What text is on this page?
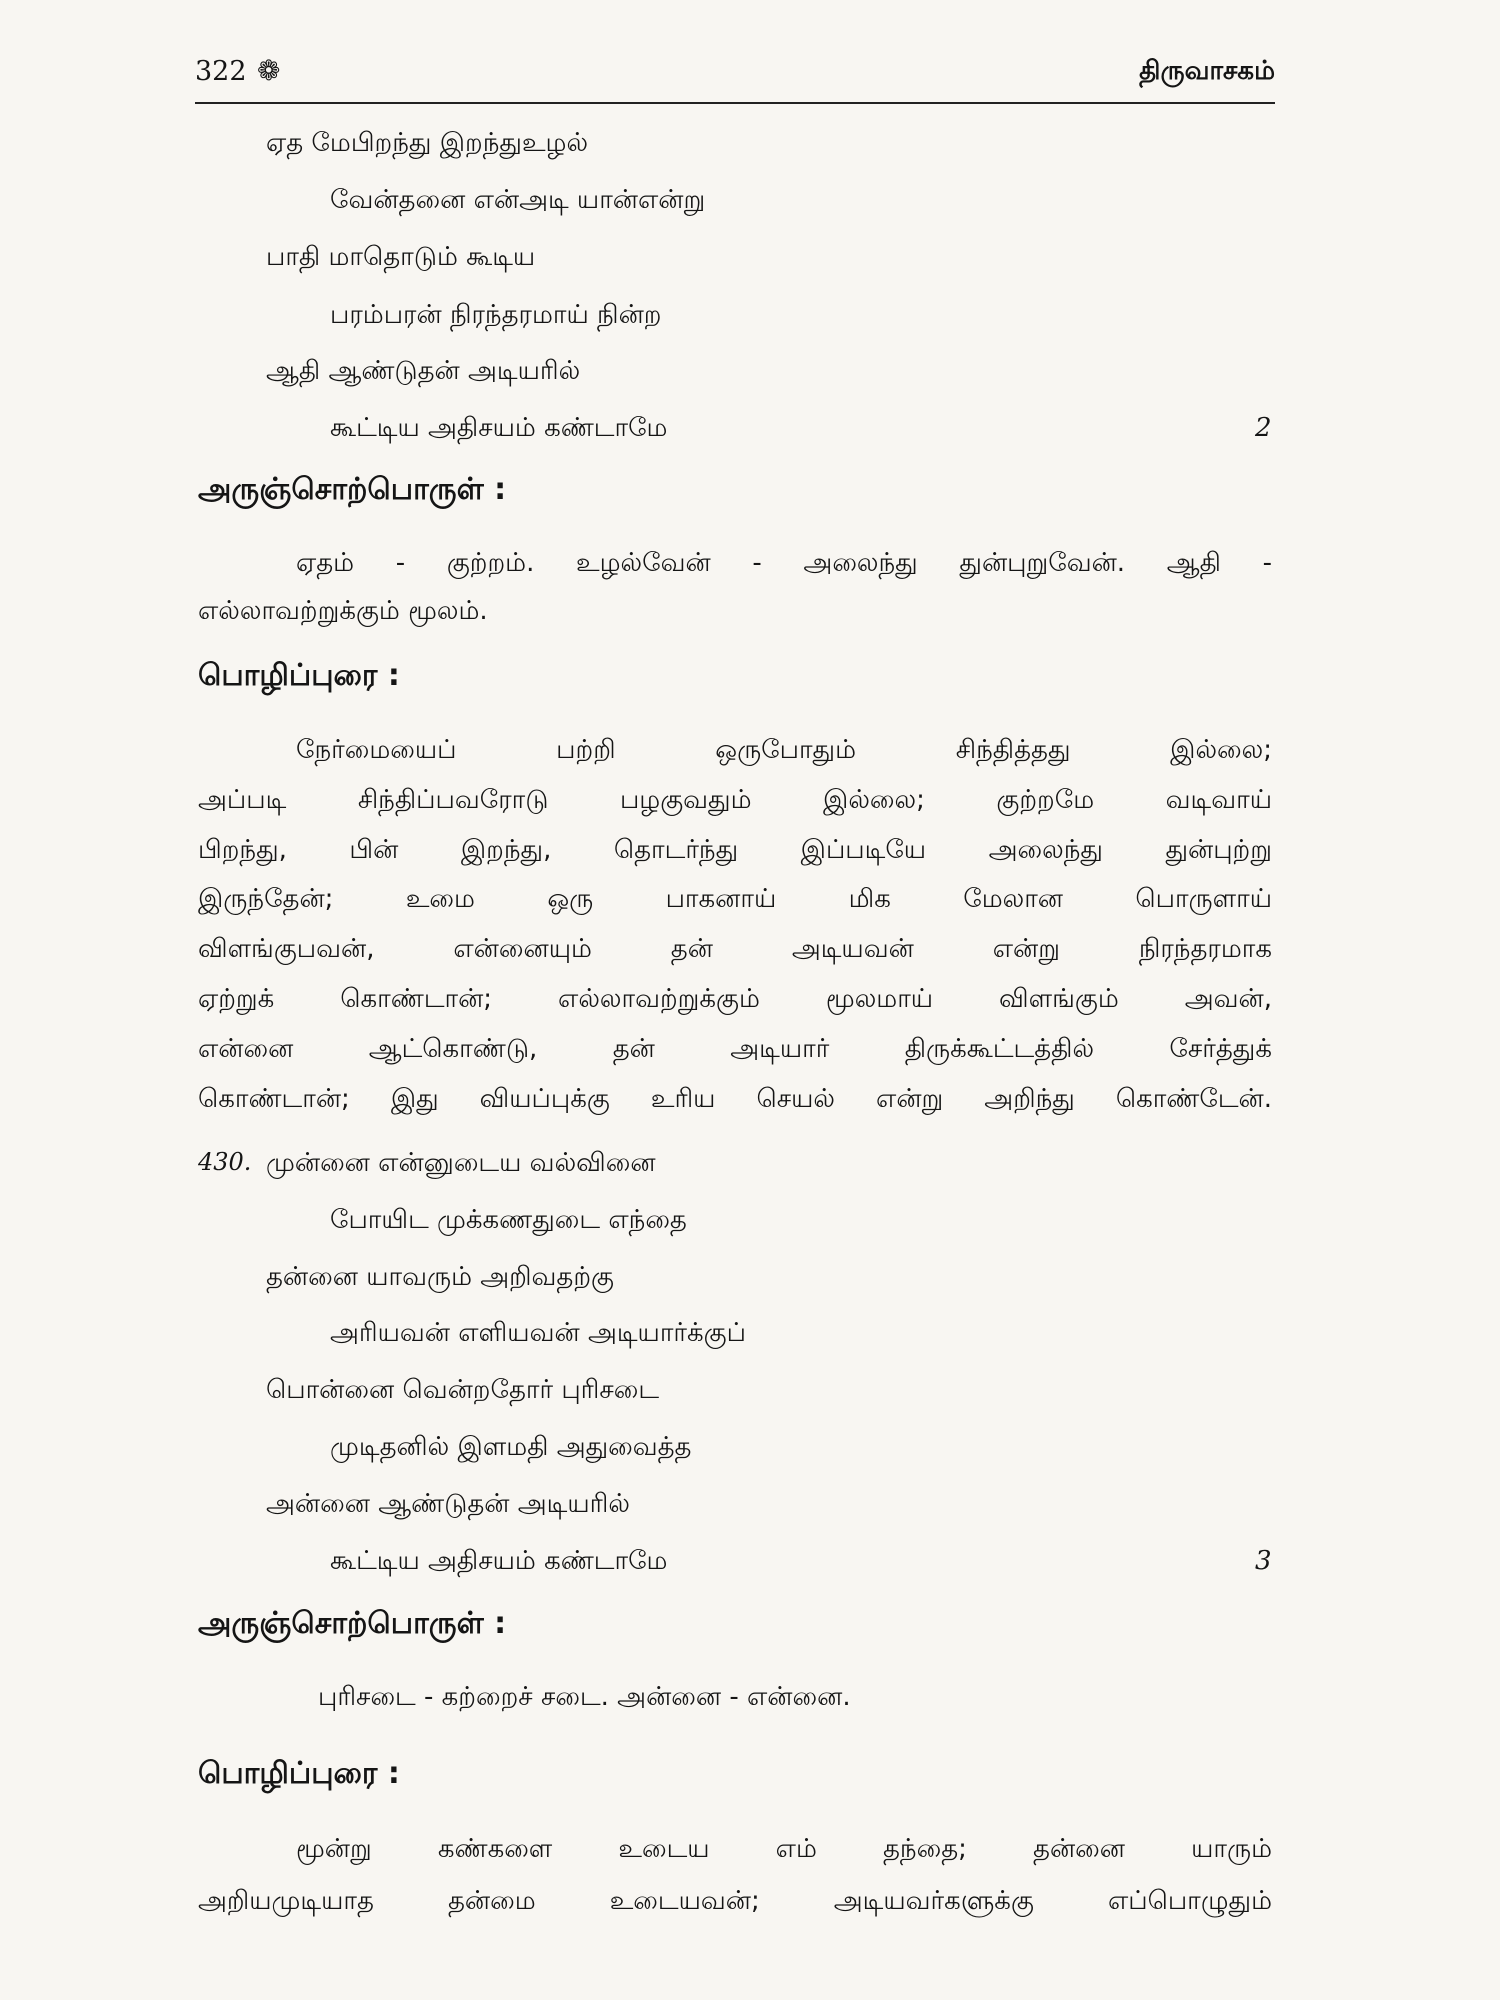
322 ❁	திருவாசகம்
ஏத மேபிறந்து இறந்துஉழல்
வேன்தனை என்அடி யான்என்று
பாதி மாதொடும் கூடிய
பரம்பரன் நிரந்தரமாய் நின்ற
ஆதி ஆண்டுதன் அடியரில்
கூட்டிய அதிசயம் கண்டாமே	2
அருஞ்சொற்பொருள் :
ஏதம் - குற்றம். உழல்வேன் - அலைந்து துன்புறுவேன். ஆதி -
எல்லாவற்றுக்கும் மூலம்.
பொழிப்புரை :
நேர்மையைப் பற்றி ஒருபோதும் சிந்தித்தது இல்லை;
அப்படி சிந்திப்பவரோடு பழகுவதும் இல்லை; குற்றமே வடிவாய்
பிறந்து, பின் இறந்து, தொடர்ந்து இப்படியே அலைந்து துன்புற்று
இருந்தேன்; உமை ஒரு பாகனாய் மிக மேலான பொருளாய்
விளங்குபவன், என்னையும் தன் அடியவன் என்று நிரந்தரமாக
ஏற்றுக் கொண்டான்; எல்லாவற்றுக்கும் மூலமாய் விளங்கும் அவன்,
என்னை ஆட்கொண்டு, தன் அடியார் திருக்கூட்டத்தில் சேர்த்துக்
கொண்டான்; இது வியப்புக்கு உரிய செயல் என்று அறிந்து கொண்டேன்.
430. முன்னை என்னுடைய வல்வினை
போயிட முக்கணதுடை எந்தை
தன்னை யாவரும் அறிவதற்கு
அரியவன் எளியவன் அடியார்க்குப்
பொன்னை வென்றதோர் புரிசடை
முடிதனில் இளமதி அதுவைத்த
அன்னை ஆண்டுதன் அடியரில்
கூட்டிய அதிசயம் கண்டாமே	3
அருஞ்சொற்பொருள் :
புரிசடை - கற்றைச் சடை. அன்னை - என்னை.
பொழிப்புரை :
மூன்று கண்களை உடைய எம் தந்தை; தன்னை யாரும்
அறியமுடியாத தன்மை உடையவன்; அடியவர்களுக்கு எப்பொழுதும்
